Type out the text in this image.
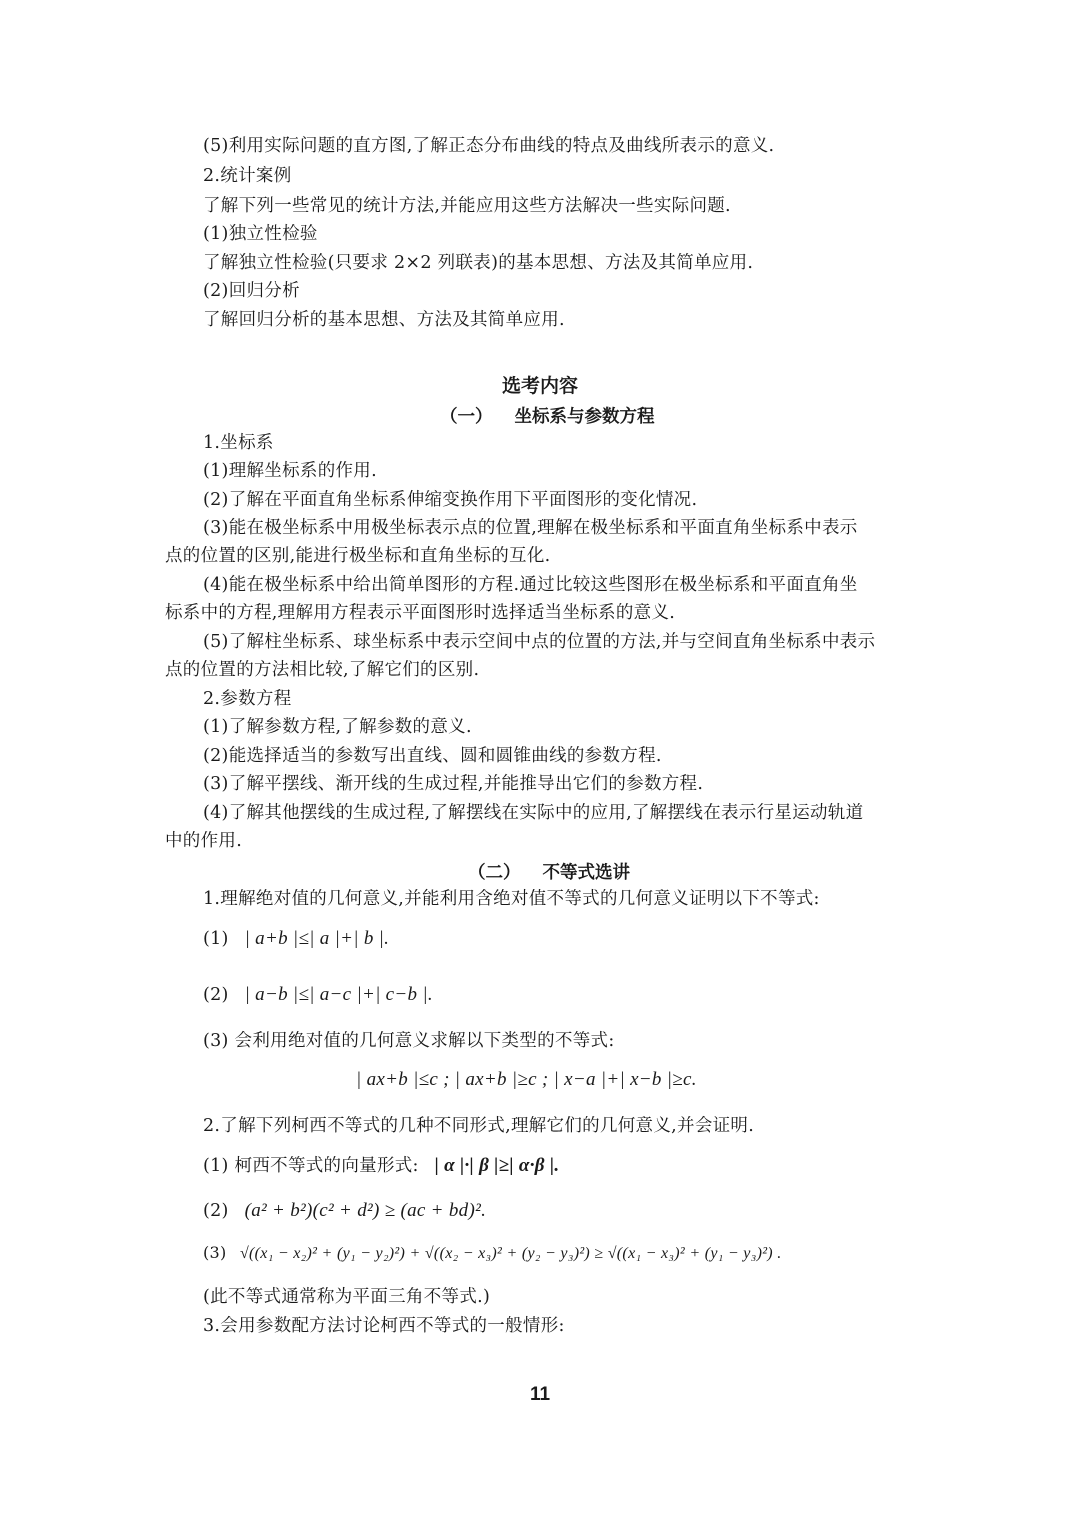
(5)利用实际问题的直方图,了解正态分布曲线的特点及曲线所表示的意义.
2.统计案例
了解下列一些常见的统计方法,并能应用这些方法解决一些实际问题.
(1)独立性检验
了解独立性检验(只要求 2×2 列联表)的基本思想、方法及其简单应用.
(2)回归分析
了解回归分析的基本思想、方法及其简单应用.
选考内容
（一） 坐标系与参数方程
1.坐标系
(1)理解坐标系的作用.
(2)了解在平面直角坐标系伸缩变换作用下平面图形的变化情况.
(3)能在极坐标系中用极坐标表示点的位置,理解在极坐标系和平面直角坐标系中表示
点的位置的区别,能进行极坐标和直角坐标的互化.
(4)能在极坐标系中给出简单图形的方程.通过比较这些图形在极坐标系和平面直角坐
标系中的方程,理解用方程表示平面图形时选择适当坐标系的意义.
(5)了解柱坐标系、球坐标系中表示空间中点的位置的方法,并与空间直角坐标系中表示
点的位置的方法相比较,了解它们的区别.
2.参数方程
(1)了解参数方程,了解参数的意义.
(2)能选择适当的参数写出直线、圆和圆锥曲线的参数方程.
(3)了解平摆线、渐开线的生成过程,并能推导出它们的参数方程.
(4)了解其他摆线的生成过程,了解摆线在实际中的应用,了解摆线在表示行星运动轨道
中的作用.
（二） 不等式选讲
1.理解绝对值的几何意义,并能利用含绝对值不等式的几何意义证明以下不等式:
(1) | a+b |≤| a |+| b |.
(2) | a−b |≤| a−c |+| c−b |.
(3) 会利用绝对值的几何意义求解以下类型的不等式:
| ax+b |≤c ; | ax+b |≥c ; | x−a |+| x−b |≥c.
2.了解下列柯西不等式的几种不同形式,理解它们的几何意义,并会证明.
(1) 柯西不等式的向量形式: | α |·| β |≥| α·β |.
(2) (a² + b²)(c² + d²) ≥ (ac + bd)².
(3) √((x₁ − x₂)² + (y₁ − y₂)²) + √((x₂ − x₃)² + (y₂ − y₃)²) ≥ √((x₁ − x₃)² + (y₁ − y₃)²) .
(此不等式通常称为平面三角不等式.)
3.会用参数配方法讨论柯西不等式的一般情形:
11
